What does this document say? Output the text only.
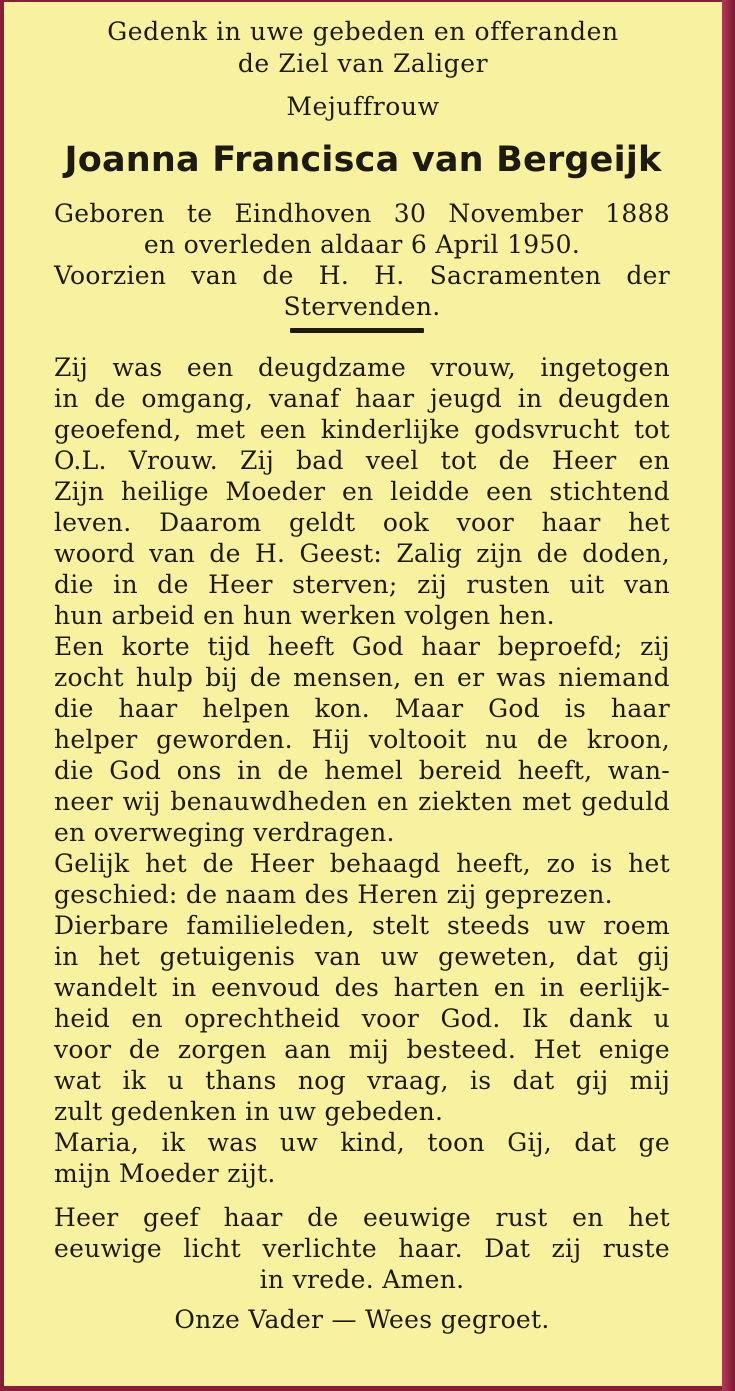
Gedenk in uwe gebeden en offeranden
de Ziel van Zaliger
Mejuffrouw
Joanna Francisca van Bergeijk
Geboren te Eindhoven 30 November 1888
en overleden aldaar 6 April 1950.
Voorzien van de H. H. Sacramenten der
Stervenden.
Zij was een deugdzame vrouw, ingetogen
in de omgang, vanaf haar jeugd in deugden
geoefend, met een kinderlijke godsvrucht tot
O.L. Vrouw. Zij bad veel tot de Heer en
Zijn heilige Moeder en leidde een stichtend
leven. Daarom geldt ook voor haar het
woord van de H. Geest: Zalig zijn de doden,
die in de Heer sterven; zij rusten uit van
hun arbeid en hun werken volgen hen.
Een korte tijd heeft God haar beproefd; zij
zocht hulp bij de mensen, en er was niemand
die haar helpen kon. Maar God is haar
helper geworden. Hij voltooit nu de kroon,
die God ons in de hemel bereid heeft, wan-
neer wij benauwdheden en ziekten met geduld
en overweging verdragen.
Gelijk het de Heer behaagd heeft, zo is het
geschied: de naam des Heren zij geprezen.
Dierbare familieleden, stelt steeds uw roem
in het getuigenis van uw geweten, dat gij
wandelt in eenvoud des harten en in eerlijk-
heid en oprechtheid voor God. Ik dank u
voor de zorgen aan mij besteed. Het enige
wat ik u thans nog vraag, is dat gij mij
zult gedenken in uw gebeden.
Maria, ik was uw kind, toon Gij, dat ge
mijn Moeder zijt.
Heer geef haar de eeuwige rust en het
eeuwige licht verlichte haar. Dat zij ruste
in vrede. Amen.
Onze Vader — Wees gegroet.
